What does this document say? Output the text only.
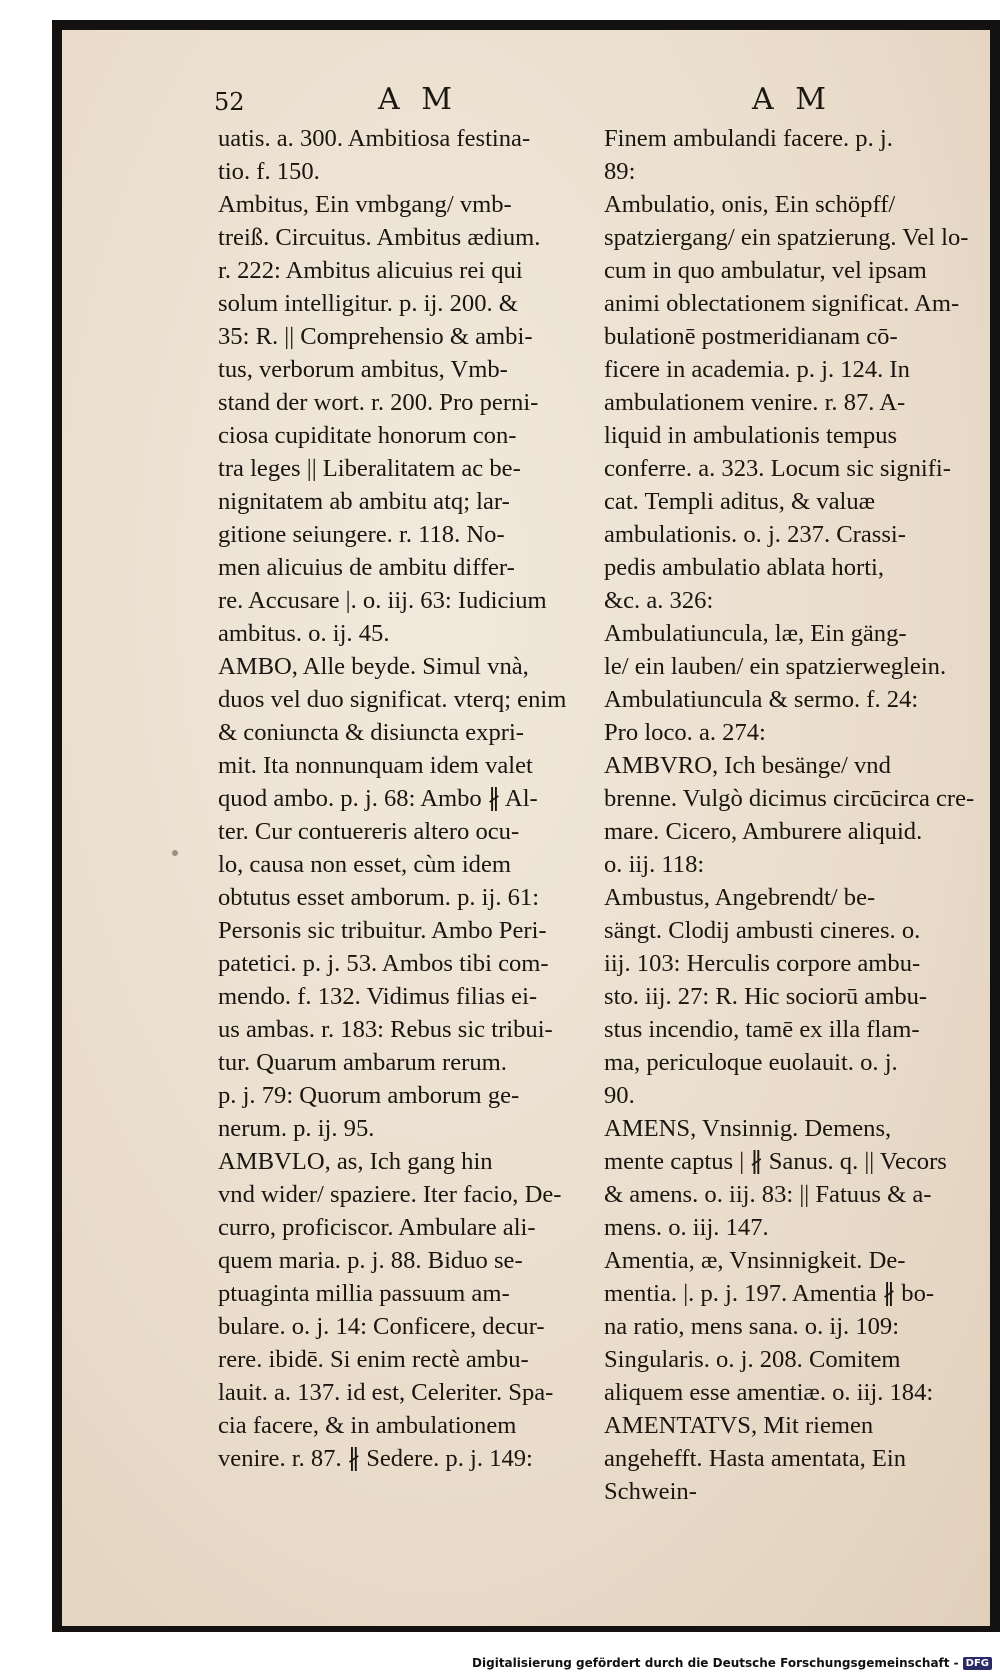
52	A M	A M
uatis. a. 300. Ambitiosa festina-
tio. f. 150.
Ambitus, Ein vmbgang/ vmb-
treiß. Circuitus. Ambitus ædium.
r. 222: Ambitus alicuius rei qui
solum intelligitur. p. ij. 200. &
35: R. || Comprehensio & ambi-
tus, verborum ambitus, Vmb-
stand der wort. r. 200. Pro perni-
ciosa cupiditate honorum con-
tra leges || Liberalitatem ac be-
nignitatem ab ambitu atq; lar-
gitione seiungere. r. 118. No-
men alicuius de ambitu differ-
re. Accusare |. o. iij. 63: Iudicium
ambitus. o. ij. 45.
AMBO, Alle beyde. Simul vnà,
duos vel duo significat. vterq; enim
& coniuncta & disiuncta expri-
mit. Ita nonnunquam idem valet
quod ambo. p. j. 68: Ambo ∦ Al-
ter. Cur contuereris altero ocu-
lo, causa non esset, cùm idem
obtutus esset amborum. p. ij. 61:
Personis sic tribuitur. Ambo Peri-
patetici. p. j. 53. Ambos tibi com-
mendo. f. 132. Vidimus filias ei-
us ambas. r. 183: Rebus sic tribui-
tur. Quarum ambarum rerum.
p. j. 79: Quorum amborum ge-
nerum. p. ij. 95.
AMBVLO, as, Ich gang hin
vnd wider/ spaziere. Iter facio, De-
curro, proficiscor. Ambulare ali-
quem maria. p. j. 88. Biduo se-
ptuaginta millia passuum am-
bulare. o. j. 14: Conficere, decur-
rere. ibidē. Si enim rectè ambu-
lauit. a. 137. id est, Celeriter. Spa-
cia facere, & in ambulationem
venire. r. 87. ∦ Sedere. p. j. 149:
Finem ambulandi facere. p. j.
89:
Ambulatio, onis, Ein schöpff/
spatziergang/ ein spatzierung. Vel lo-
cum in quo ambulatur, vel ipsam
animi oblectationem significat. Am-
bulationē postmeridianam cō-
ficere in academia. p. j. 124. In
ambulationem venire. r. 87. A-
liquid in ambulationis tempus
conferre. a. 323. Locum sic signifi-
cat. Templi aditus, & valuæ
ambulationis. o. j. 237. Crassi-
pedis ambulatio ablata horti,
&c. a. 326:
Ambulatiuncula, læ, Ein gäng-
le/ ein lauben/ ein spatzierweglein.
Ambulatiuncula & sermo. f. 24:
Pro loco. a. 274:
AMBVRO, Ich besänge/ vnd
brenne. Vulgò dicimus circūcirca cre-
mare. Cicero, Amburere aliquid.
o. iij. 118:
Ambustus, Angebrendt/ be-
sängt. Clodij ambusti cineres. o.
iij. 103: Herculis corpore ambu-
sto. iij. 27: R. Hic sociorū ambu-
stus incendio, tamē ex illa flam-
ma, periculoque euolauit. o. j.
90.
AMENS, Vnsinnig. Demens,
mente captus | ∦ Sanus. q. || Vecors
& amens. o. iij. 83: || Fatuus & a-
mens. o. iij. 147.
Amentia, æ, Vnsinnigkeit. De-
mentia. |. p. j. 197. Amentia ∦ bo-
na ratio, mens sana. o. ij. 109:
Singularis. o. j. 208. Comitem
aliquem esse amentiæ. o. iij. 184:
AMENTATVS, Mit riemen
angehefft. Hasta amentata, Ein
Schwein-
Digitalisierung gefördert durch die Deutsche Forschungsgemeinschaft - DFG
